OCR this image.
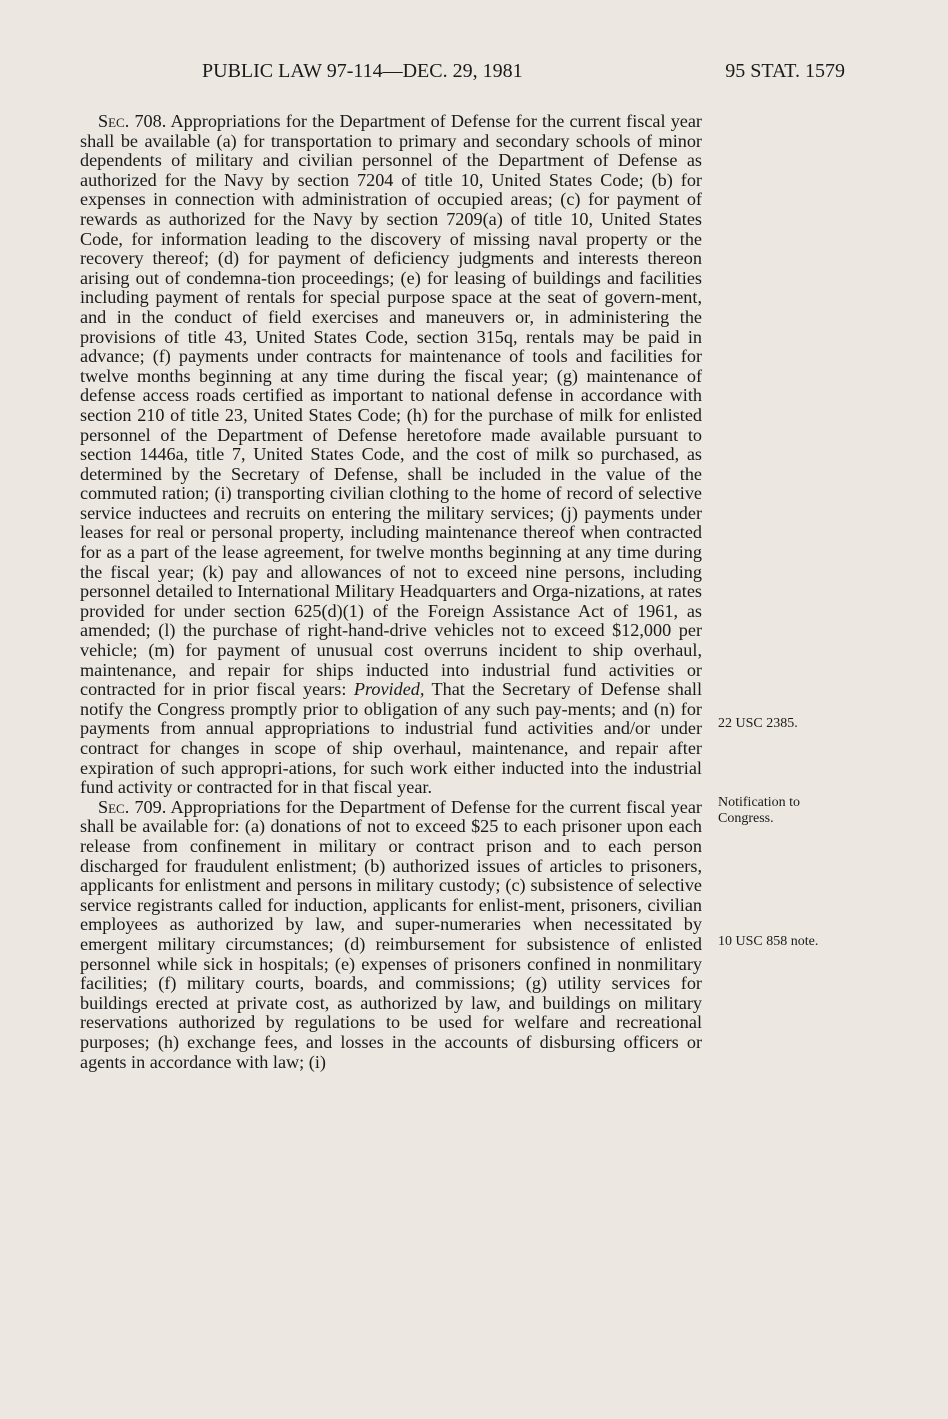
PUBLIC LAW 97-114—DEC. 29, 1981	95 STAT. 1579

Sec. 708. Appropriations for the Department of Defense for the current fiscal year shall be available (a) for transportation to primary and secondary schools of minor dependents of military and civilian personnel of the Department of Defense as authorized for the Navy by section 7204 of title 10, United States Code; (b) for expenses in connection with administration of occupied areas; (c) for payment of rewards as authorized for the Navy by section 7209(a) of title 10, United States Code, for information leading to the discovery of missing naval property or the recovery thereof; (d) for payment of deficiency judgments and interests thereon arising out of condemna-tion proceedings; (e) for leasing of buildings and facilities including payment of rentals for special purpose space at the seat of govern-ment, and in the conduct of field exercises and maneuvers or, in administering the provisions of title 43, United States Code, section 315q, rentals may be paid in advance; (f) payments under contracts for maintenance of tools and facilities for twelve months beginning at any time during the fiscal year; (g) maintenance of defense access roads certified as important to national defense in accordance with section 210 of title 23, United States Code; (h) for the purchase of milk for enlisted personnel of the Department of Defense heretofore made available pursuant to section 1446a, title 7, United States Code, and the cost of milk so purchased, as determined by the Secretary of Defense, shall be included in the value of the commuted ration; (i) transporting civilian clothing to the home of record of selective service inductees and recruits on entering the military services; (j) payments under leases for real or personal property, including maintenance thereof when contracted for as a part of the lease agreement, for twelve months beginning at any time during the fiscal year; (k) pay and allowances of not to exceed nine persons, including personnel detailed to International Military Headquarters and Orga-nizations, at rates provided for under section 625(d)(1) of the Foreign Assistance Act of 1961, as amended; (l) the purchase of right-hand-drive vehicles not to exceed $12,000 per vehicle; (m) for payment of unusual cost overruns incident to ship overhaul, maintenance, and repair for ships inducted into industrial fund activities or contracted for in prior fiscal years: Provided, That the Secretary of Defense shall notify the Congress promptly prior to obligation of any such pay-ments; and (n) for payments from annual appropriations to industrial fund activities and/or under contract for changes in scope of ship overhaul, maintenance, and repair after expiration of such appropri-ations, for such work either inducted into the industrial fund activity or contracted for in that fiscal year.

Sec. 709. Appropriations for the Department of Defense for the current fiscal year shall be available for: (a) donations of not to exceed $25 to each prisoner upon each release from confinement in military or contract prison and to each person discharged for fraudulent enlistment; (b) authorized issues of articles to prisoners, applicants for enlistment and persons in military custody; (c) subsistence of selective service registrants called for induction, applicants for enlist-ment, prisoners, civilian employees as authorized by law, and super-numeraries when necessitated by emergent military circumstances; (d) reimbursement for subsistence of enlisted personnel while sick in hospitals; (e) expenses of prisoners confined in nonmilitary facilities; (f) military courts, boards, and commissions; (g) utility services for buildings erected at private cost, as authorized by law, and buildings on military reservations authorized by regulations to be used for welfare and recreational purposes; (h) exchange fees, and losses in the accounts of disbursing officers or agents in accordance with law; (i)

22 USC 2385.
Notification to Congress.
10 USC 858 note.
